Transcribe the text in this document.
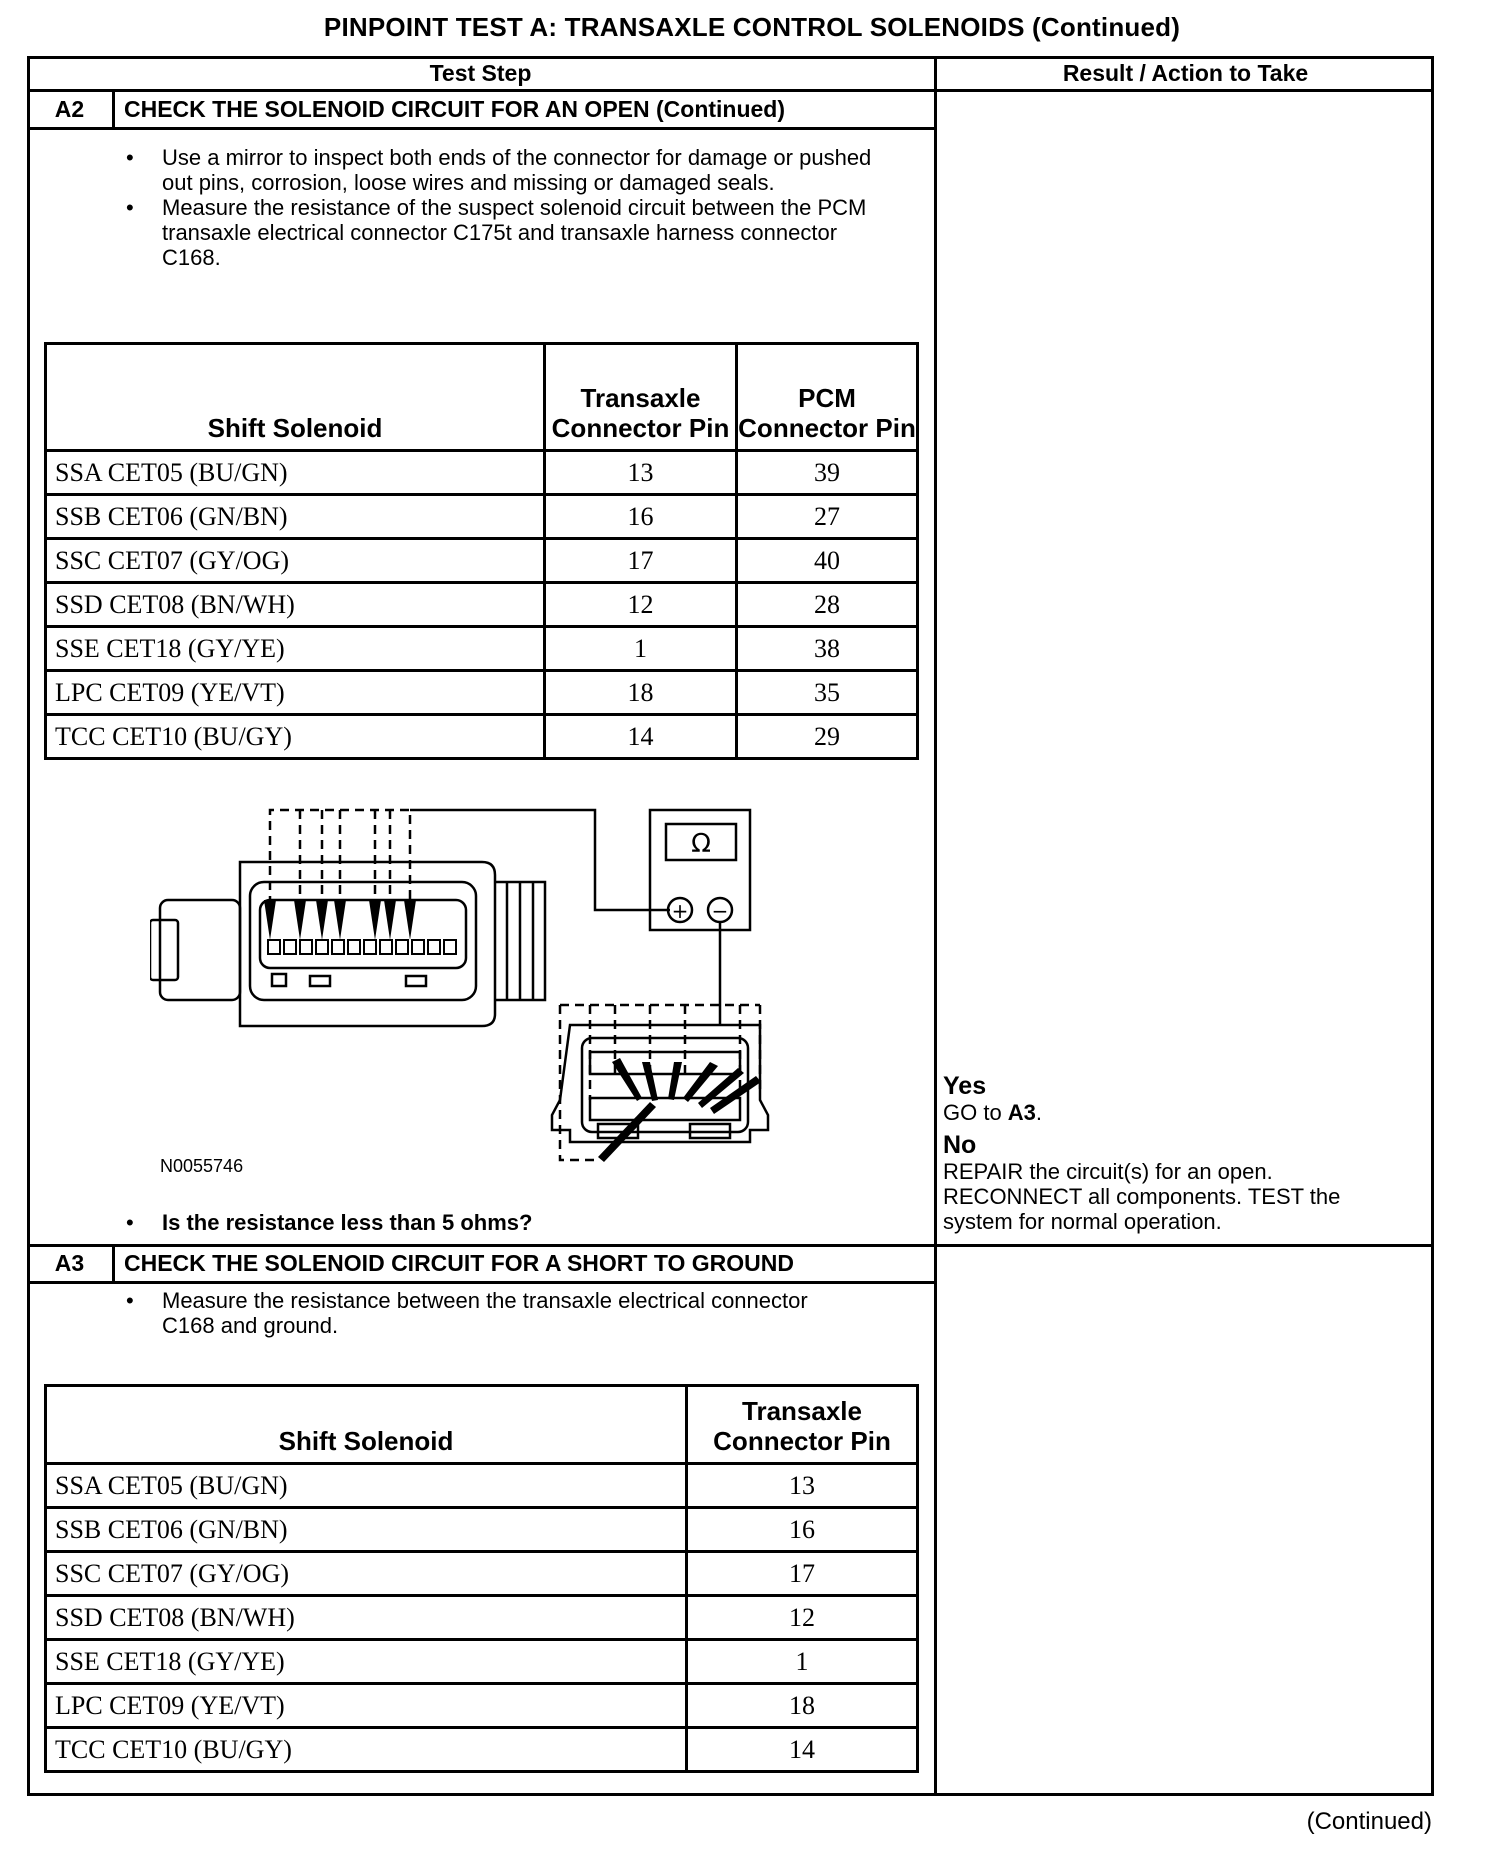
PINPOINT TEST A: TRANSAXLE CONTROL SOLENOIDS (Continued)
Test Step	Result / Action to Take
A2	CHECK THE SOLENOID CIRCUIT FOR AN OPEN (Continued)
• Use a mirror to inspect both ends of the connector for damage or pushed out pins, corrosion, loose wires and missing or damaged seals.
• Measure the resistance of the suspect solenoid circuit between the PCM transaxle electrical connector C175t and transaxle harness connector C168.
Shift Solenoid	Transaxle Connector Pin	PCM Connector Pin
SSA CET05 (BU/GN)	13	39
SSB CET06 (GN/BN)	16	27
SSC CET07 (GY/OG)	17	40
SSD CET08 (BN/WH)	12	28
SSE CET18 (GY/YE)	1	38
LPC CET09 (YE/VT)	18	35
TCC CET10 (BU/GY)	14	29
Ω
+ −
N0055746
• Is the resistance less than 5 ohms?
Yes
GO to A3.
No
REPAIR the circuit(s) for an open. RECONNECT all components. TEST the system for normal operation.
A3	CHECK THE SOLENOID CIRCUIT FOR A SHORT TO GROUND
• Measure the resistance between the transaxle electrical connector C168 and ground.
Shift Solenoid	Transaxle Connector Pin
SSA CET05 (BU/GN)	13
SSB CET06 (GN/BN)	16
SSC CET07 (GY/OG)	17
SSD CET08 (BN/WH)	12
SSE CET18 (GY/YE)	1
LPC CET09 (YE/VT)	18
TCC CET10 (BU/GY)	14
(Continued)
